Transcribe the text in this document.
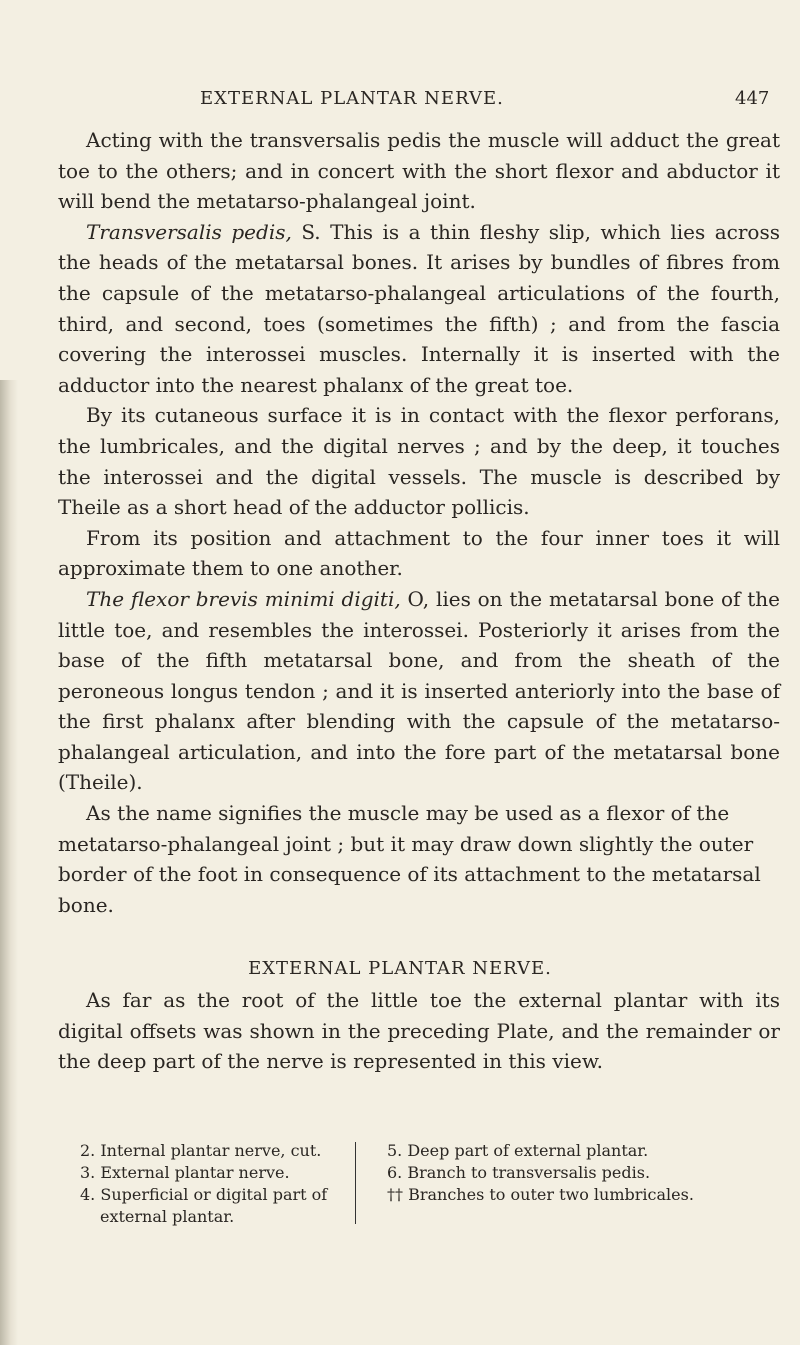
EXTERNAL PLANTAR NERVE.	447

Acting with the transversalis pedis the muscle will adduct the great toe to the others; and in concert with the short flexor and abductor it will bend the metatarso-phalangeal joint.

Transversalis pedis, S. This is a thin fleshy slip, which lies across the heads of the metatarsal bones. It arises by bundles of fibres from the capsule of the metatarso-phalangeal articulations of the fourth, third, and second, toes (sometimes the fifth) ; and from the fascia covering the interossei muscles. Internally it is inserted with the adductor into the nearest phalanx of the great toe.

By its cutaneous surface it is in contact with the flexor perforans, the lumbricales, and the digital nerves ; and by the deep, it touches the interossei and the digital vessels. The muscle is described by Theile as a short head of the adductor pollicis.

From its position and attachment to the four inner toes it will approximate them to one another.

The flexor brevis minimi digiti, O, lies on the metatarsal bone of the little toe, and resembles the interossei. Posteriorly it arises from the base of the fifth metatarsal bone, and from the sheath of the peroneous longus tendon ; and it is inserted anteriorly into the base of the first phalanx after blending with the capsule of the metatarso-phalangeal articulation, and into the fore part of the metatarsal bone (Theile).

As the name signifies the muscle may be used as a flexor of the metatarso-phalangeal joint ; but it may draw down slightly the outer border of the foot in consequence of its attachment to the metatarsal bone.

EXTERNAL PLANTAR NERVE.

As far as the root of the little toe the external plantar with its digital offsets was shown in the preceding Plate, and the remainder or the deep part of the nerve is represented in this view.

2. Internal plantar nerve, cut.

3. External plantar nerve.

4. Superficial or digital part of external plantar.

5. Deep part of external plantar.

6. Branch to transversalis pedis.

†† Branches to outer two lumbricales.
